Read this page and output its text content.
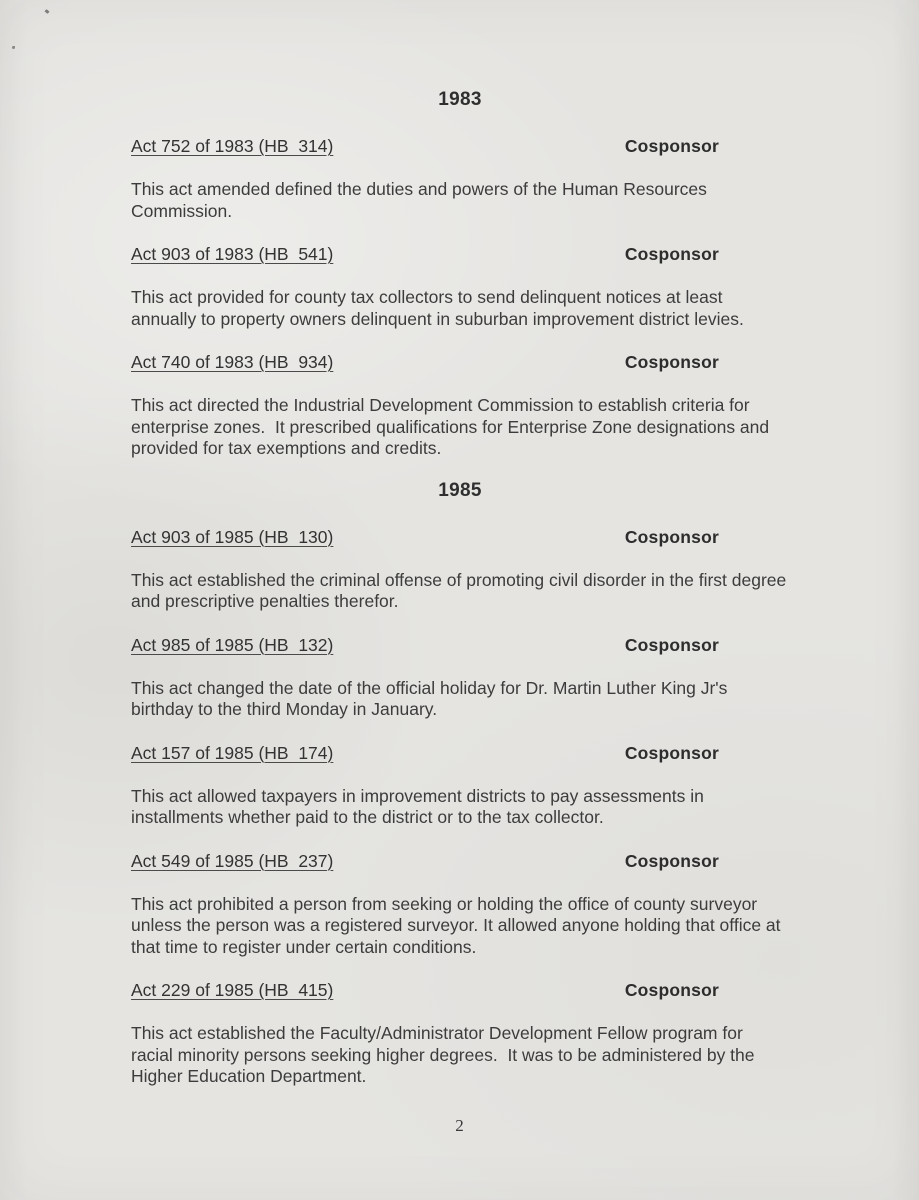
1983
Act 752 of 1983 (HB  314)	Cosponsor

This act amended defined the duties and powers of the Human Resources Commission.

Act 903 of 1983 (HB  541)	Cosponsor

This act provided for county tax collectors to send delinquent notices at least annually to property owners delinquent in suburban improvement district levies.

Act 740 of 1983 (HB  934)	Cosponsor

This act directed the Industrial Development Commission to establish criteria for enterprise zones.  It prescribed qualifications for Enterprise Zone designations and provided for tax exemptions and credits.

1985
Act 903 of 1985 (HB  130)	Cosponsor

This act established the criminal offense of promoting civil disorder in the first degree and prescriptive penalties therefor.

Act 985 of 1985 (HB  132)	Cosponsor

This act changed the date of the official holiday for Dr. Martin Luther King Jr's birthday to the third Monday in January.

Act 157 of 1985 (HB  174)	Cosponsor

This act allowed taxpayers in improvement districts to pay assessments in installments whether paid to the district or to the tax collector.

Act 549 of 1985 (HB  237)	Cosponsor

This act prohibited a person from seeking or holding the office of county surveyor unless the person was a registered surveyor. It allowed anyone holding that office at that time to register under certain conditions.

Act 229 of 1985 (HB  415)	Cosponsor

This act established the Faculty/Administrator Development Fellow program for racial minority persons seeking higher degrees.  It was to be administered by the Higher Education Department.

2
